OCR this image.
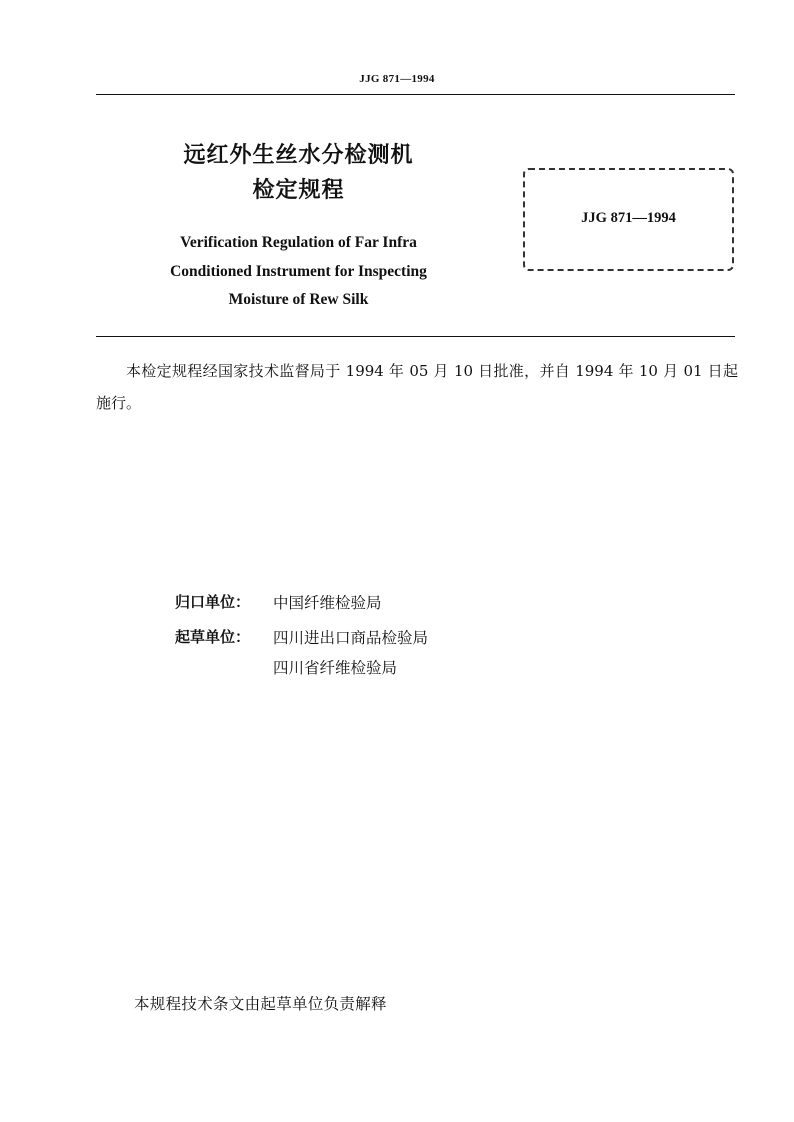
JJG 871—1994
远红外生丝水分检测机
检定规程
Verification Regulation of Far Infra
Conditioned Instrument for Inspecting
Moisture of Rew Silk
JJG 871—1994
本检定规程经国家技术监督局于 1994 年 05 月 10 日批准，并自 1994 年 10 月 01 日起施行。
归口单位： 中国纤维检验局
起草单位： 四川进出口商品检验局
四川省纤维检验局
本规程技术条文由起草单位负责解释
